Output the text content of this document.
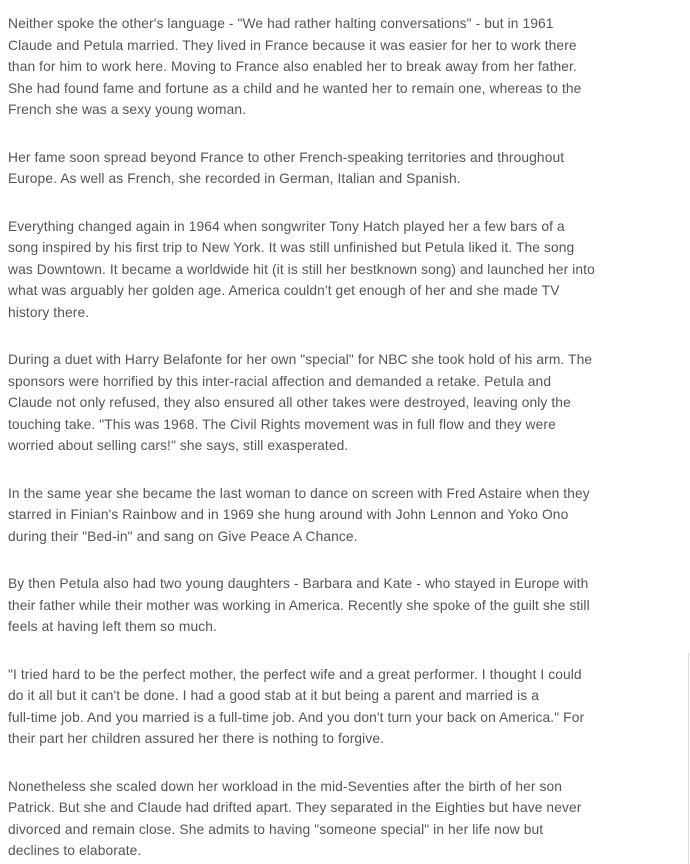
Neither spoke the other's language - "We had rather halting conversations" - but in 1961
Claude and Petula married. They lived in France because it was easier for her to work there
than for him to work here. Moving to France also enabled her to break away from her father.
She had found fame and fortune as a child and he wanted her to remain one, whereas to the
French she was a sexy young woman.

Her fame soon spread beyond France to other French-speaking territories and throughout
Europe. As well as French, she recorded in German, Italian and Spanish.

Everything changed again in 1964 when songwriter Tony Hatch played her a few bars of a
song inspired by his first trip to New York. It was still unfinished but Petula liked it. The song
was Downtown. It became a worldwide hit (it is still her bestknown song) and launched her into
what was arguably her golden age. America couldn't get enough of her and she made TV
history there.

During a duet with Harry Belafonte for her own "special" for NBC she took hold of his arm. The
sponsors were horrified by this inter-racial affection and demanded a retake. Petula and
Claude not only refused, they also ensured all other takes were destroyed, leaving only the
touching take. "This was 1968. The Civil Rights movement was in full flow and they were
worried about selling cars!" she says, still exasperated.

In the same year she became the last woman to dance on screen with Fred Astaire when they
starred in Finian's Rainbow and in 1969 she hung around with John Lennon and Yoko Ono
during their "Bed-in" and sang on Give Peace A Chance.

By then Petula also had two young daughters - Barbara and Kate - who stayed in Europe with
their father while their mother was working in America. Recently she spoke of the guilt she still
feels at having left them so much.

"I tried hard to be the perfect mother, the perfect wife and a great performer. I thought I could
do it all but it can't be done. I had a good stab at it but being a parent and married is a
full-time job. And you married is a full-time job. And you don't turn your back on America." For
their part her children assured her there is nothing to forgive.

Nonetheless she scaled down her workload in the mid-Seventies after the birth of her son
Patrick. But she and Claude had drifted apart. They separated in the Eighties but have never
divorced and remain close. She admits to having "someone special" in her life now but
declines to elaborate.
